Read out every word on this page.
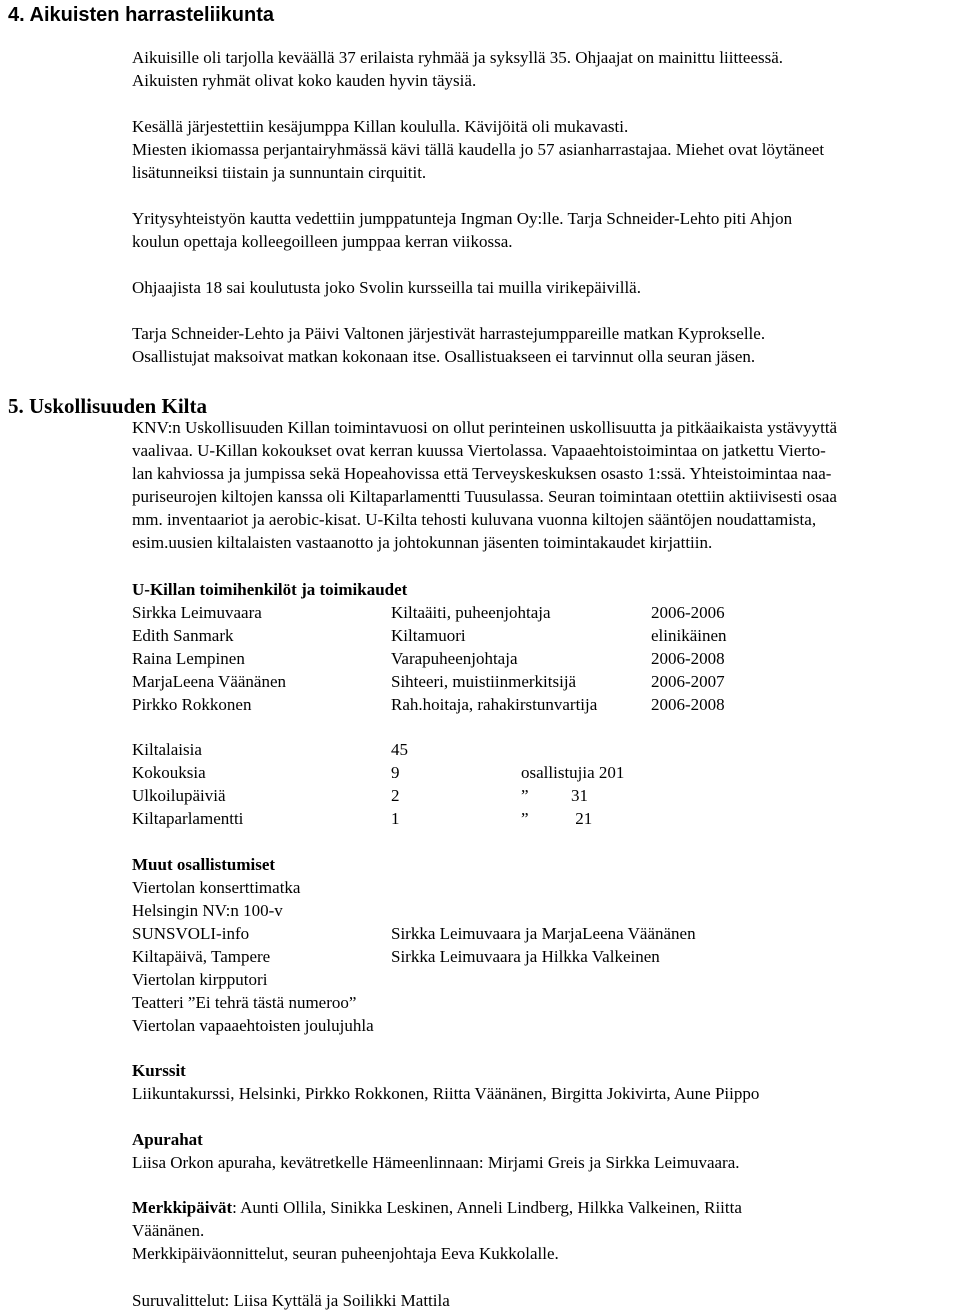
4. Aikuisten harrasteliikunta

Aikuisille oli tarjolla keväällä 37 erilaista ryhmää ja syksyllä 35. Ohjaajat on mainittu liitteessä.
Aikuisten ryhmät olivat koko kauden hyvin täysiä.

Kesällä järjestettiin kesäjumppa Killan koululla. Kävijöitä oli mukavasti.
Miesten ikiomassa perjantairyhmässä kävi tällä kaudella jo 57 asianharrastajaa. Miehet ovat löytäneet
lisätunneiksi tiistain ja sunnuntain cirquitit.

Yritysyhteistyön kautta vedettiin jumppatunteja Ingman Oy:lle. Tarja Schneider-Lehto piti Ahjon
koulun opettaja kolleegoilleen jumppaa kerran viikossa.

Ohjaajista 18 sai koulutusta joko Svolin kursseilla tai muilla virikepäivillä.

Tarja Schneider-Lehto ja Päivi Valtonen järjestivät harrastejumppareille matkan Kyprokselle.
Osallistujat maksoivat matkan kokonaan itse. Osallistuakseen ei tarvinnut olla seuran jäsen.

5. Uskollisuuden Kilta

KNV:n Uskollisuuden Killan toimintavuosi on ollut perinteinen uskollisuutta ja pitkäaikaista ystävyyttä
vaalivaa. U-Killan kokoukset ovat kerran kuussa Viertolassa. Vapaaehtoistoimintaa on jatkettu Vierto-
lan kahviossa ja jumpissa sekä Hopeahovissa että Terveyskeskuksen osasto 1:ssä. Yhteistoimintaa naa-
puriseurojen kiltojen kanssa oli Kiltaparlamentti Tuusulassa. Seuran toimintaan otettiin aktiivisesti osaa
mm. inventaariot ja aerobic-kisat. U-Kilta tehosti kuluvana vuonna kiltojen sääntöjen noudattamista,
esim.uusien kiltalaisten vastaanotto ja johtokunnan jäsenten toimintakaudet kirjattiin.

U-Killan toimihenkilöt ja toimikaudet
Sirkka Leimuvaara	Kiltaäiti, puheenjohtaja	2006-2006
Edith Sanmark	Kiltamuori	elinikäinen
Raina Lempinen	Varapuheenjohtaja	2006-2008
MarjaLeena Väänänen	Sihteeri, muistiinmerkitsijä	2006-2007
Pirkko Rokkonen	Rah.hoitaja, rahakirstunvartija	2006-2008
Kiltalaisia	45
Kokouksia	9	osallistujia 201
Ulkoilupäiviä	2	”          31
Kiltaparlamentti	1	”           21
Muut osallistumiset
Viertolan konserttimatka
Helsingin NV:n 100-v
SUNSVOLI-info	Sirkka Leimuvaara ja MarjaLeena Väänänen
Kiltapäivä, Tampere	Sirkka Leimuvaara ja Hilkka Valkeinen
Viertolan kirpputori
Teatteri ”Ei tehrä tästä numeroo”
Viertolan vapaaehtoisten joulujuhla
Kurssit
Liikuntakurssi, Helsinki, Pirkko Rokkonen, Riitta Väänänen, Birgitta Jokivirta, Aune Piippo
Apurahat
Liisa Orkon apuraha, kevätretkelle Hämeenlinnaan: Mirjami Greis ja Sirkka Leimuvaara.

Merkkipäivät: Aunti Ollila, Sinikka Leskinen, Anneli Lindberg, Hilkka Valkeinen, Riitta
Väänänen.
Merkkipäiväonnittelut, seuran puheenjohtaja Eeva Kukkolalle.

Suruvalittelut: Liisa Kyttälä ja Soilikki Mattila
